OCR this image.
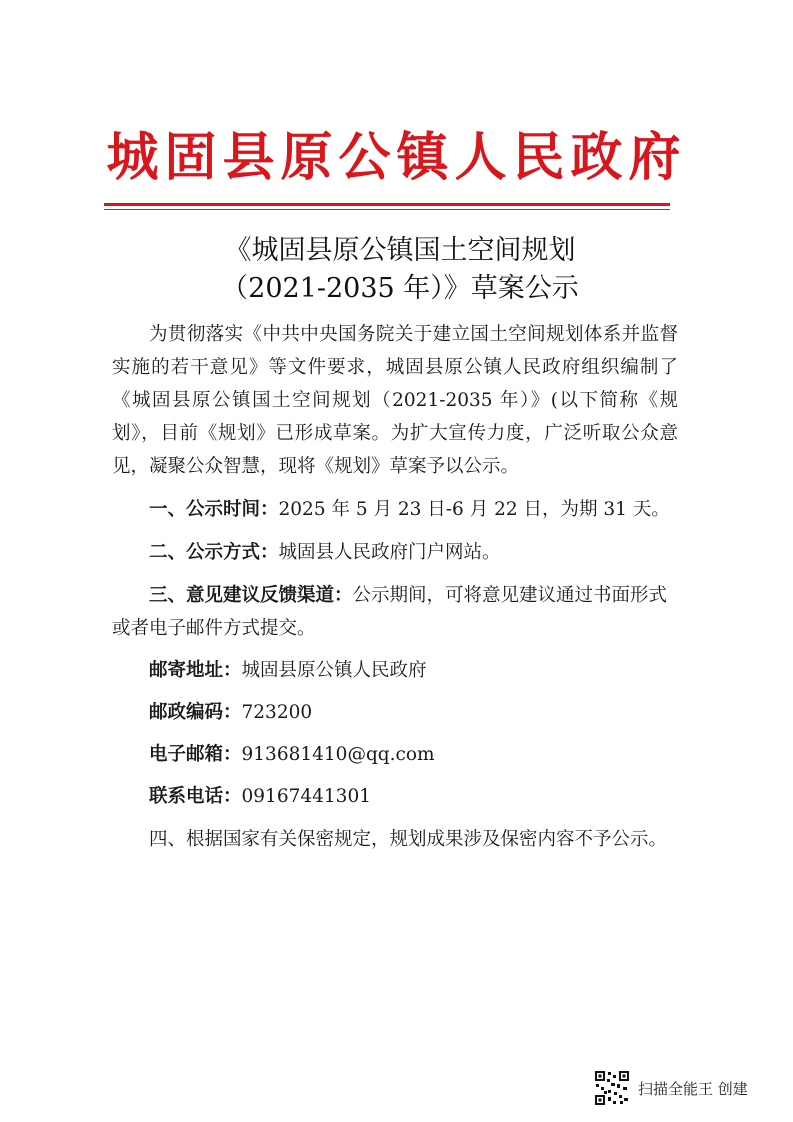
城固县原公镇人民政府
《城固县原公镇国土空间规划
（2021-2035 年）》草案公示

为贯彻落实《中共中央国务院关于建立国土空间规划体系并监督实施的若干意见》等文件要求，城固县原公镇人民政府组织编制了《城固县原公镇国土空间规划（2021-2035 年）》(以下简称《规划》，目前《规划》已形成草案。为扩大宣传力度，广泛听取公众意见，凝聚公众智慧，现将《规划》草案予以公示。

一、公示时间：2025 年 5 月 23 日-6 月 22 日，为期 31 天。

二、公示方式：城固县人民政府门户网站。

三、意见建议反馈渠道：公示期间，可将意见建议通过书面形式或者电子邮件方式提交。

邮寄地址：城固县原公镇人民政府

邮政编码：723200

电子邮箱：913681410@qq.com

联系电话：09167441301

四、根据国家有关保密规定，规划成果涉及保密内容不予公示。

扫描全能王 创建
